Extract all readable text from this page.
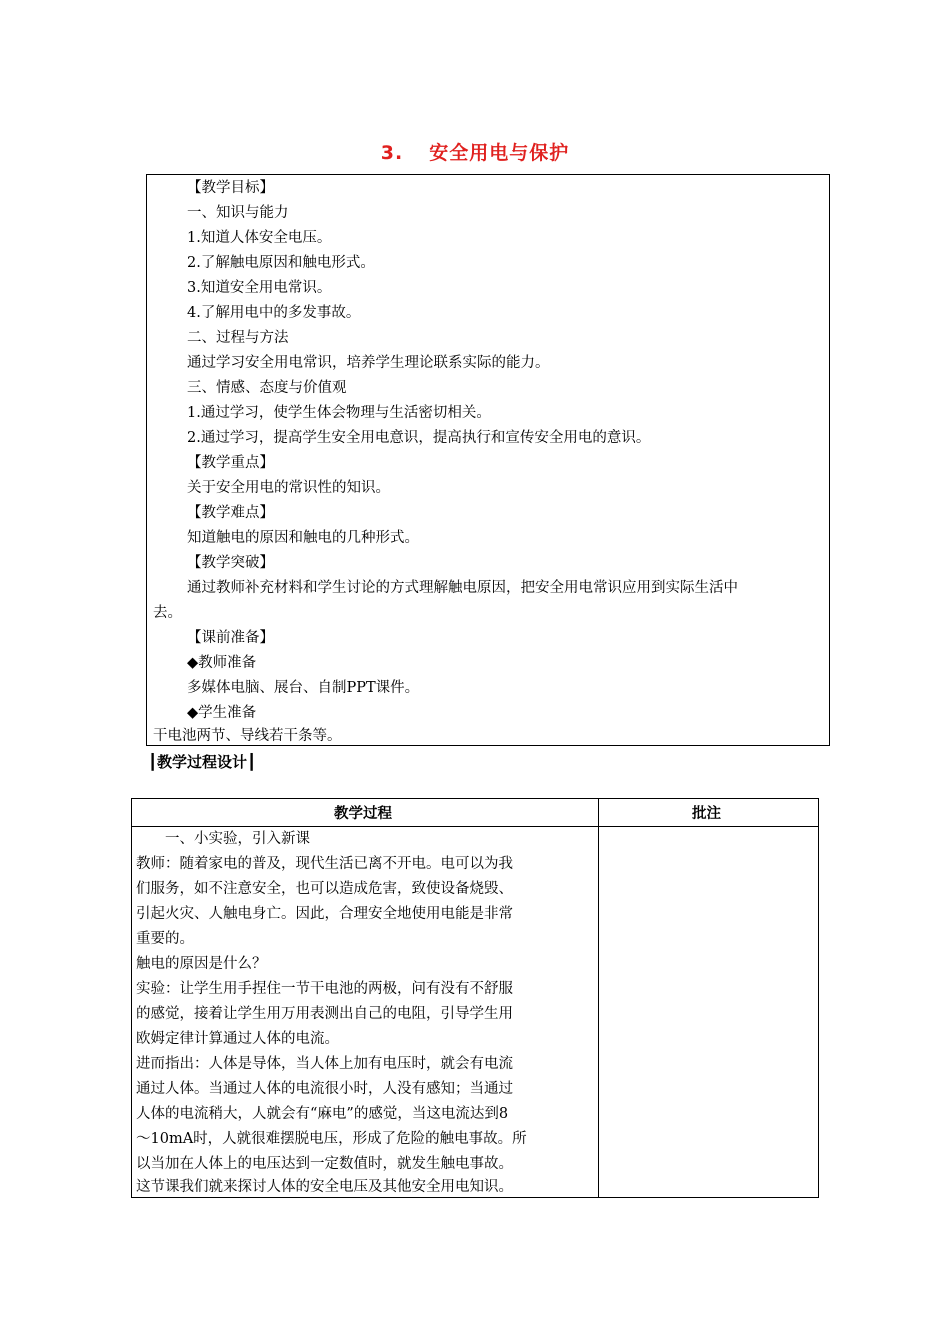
3. 安全用电与保护
【教学目标】
一、知识与能力
1.知道人体安全电压。
2.了解触电原因和触电形式。
3.知道安全用电常识。
4.了解用电中的多发事故。
二、过程与方法
通过学习安全用电常识，培养学生理论联系实际的能力。
三、情感、态度与价值观
1.通过学习，使学生体会物理与生活密切相关。
2.通过学习，提高学生安全用电意识，提高执行和宣传安全用电的意识。
【教学重点】
关于安全用电的常识性的知识。
【教学难点】
知道触电的原因和触电的几种形式。
【教学突破】
通过教师补充材料和学生讨论的方式理解触电原因，把安全用电常识应用到实际生活中
去。
【课前准备】
◆教师准备
多媒体电脑、展台、自制PPT课件。
◆学生准备
干电池两节、导线若干条等。
┃教学过程设计┃
教学过程	批注
　　一、小实验，引入新课
教师：随着家电的普及，现代生活已离不开电。电可以为我
们服务，如不注意安全，也可以造成危害，致使设备烧毁、
引起火灾、人触电身亡。因此，合理安全地使用电能是非常
重要的。
触电的原因是什么？
实验：让学生用手捏住一节干电池的两极，问有没有不舒服
的感觉，接着让学生用万用表测出自己的电阻，引导学生用
欧姆定律计算通过人体的电流。
进而指出：人体是导体，当人体上加有电压时，就会有电流
通过人体。当通过人体的电流很小时，人没有感知；当通过
人体的电流稍大，人就会有“麻电”的感觉，当这电流达到8
～10mA时，人就很难摆脱电压，形成了危险的触电事故。所
以当加在人体上的电压达到一定数值时，就发生触电事故。
这节课我们就来探讨人体的安全电压及其他安全用电知识。
